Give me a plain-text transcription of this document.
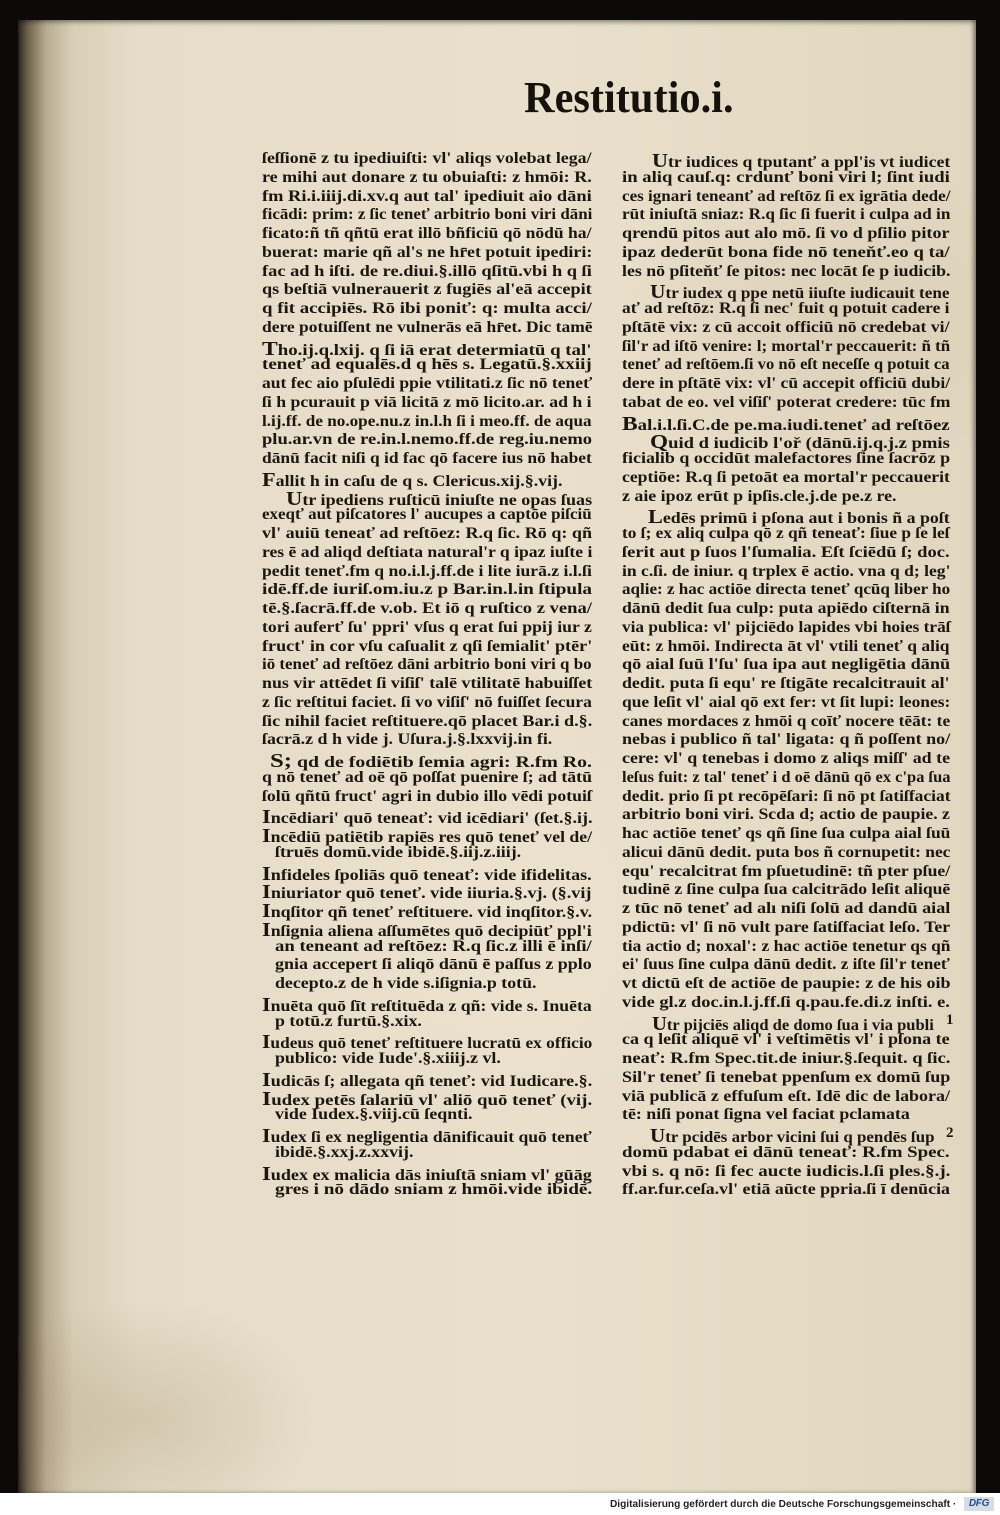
Restitutio.i.
ſeſſionē z tu ipediuiſti: vl' aliqs volebat lega/
re mihi aut donare z tu obuiaſti: z hmōi: R.
fm Ri.i.iiij.di.xv.q aut tal' ipediuit aio dāni
ficādi: prim: z ſic teneť arbitrio boni viri dāni
ficato:ñ tñ qñtū erat illō bñficiū qō nōdū ha/
buerat: marie qñ al's ne hr̄et potuit ipediri:
fac ad h iſti. de re.diui.§.illō qſitū.vbi h q ſi
qs beſtiā vulnerauerit z fugiēs al'eā accepit
q fit accipiēs. Rō ibi poniť: q: multa acci/
dere potuiſſent ne vulnerās eā hr̄et. Dic tamē
Tho.ij.q.lxij. q ſi iā erat determiatū q tal'
teneť ad equalēs.d q hēs s. Legatū.§.xxiij
aut fec aio pſulēdi ppie vtilitati.z ſic nō teneť
ſi h pcurauit p viā licitā z mō licito.ar. ad h i
l.ij.ff. de no.ope.nu.z in.l.h ſi i meo.ff. de aqua
plu.ar.vn de re.in.l.nemo.ff.de reg.iu.nemo
dānū facit niſi q id fac qō facere ius nō habet
Fallit h in caſu de q s. Clericus.xij.§.vij.
Utr ipediens ruſticū iniuſte ne opas ſuas
exeqť aut piſcatores l' aucupes a captōe piſciū
vl' auiū teneať ad reſtōez: R.q ſic. Rō q: qñ
res ē ad aliqd deſtiata natural'r q ipaz iuſte i
pedit teneť.fm q no.i.l.j.ff.de i lite iurā.z i.l.ſi
idē.ff.de iuriſ.om.iu.z p Bar.in.l.in ſtipula
tē.§.ſacrā.ff.de v.ob. Et iō q ruſtico z vena/
tori auferť ſu' ppri' vſus q erat ſui ppij iur z
fruct' in cor vſu caſualit z qſi ſemialit' ptēr'
iō teneť ad reſtōez dāni arbitrio boni viri q bo
nus vir attēdet ſi viſiſ' talē vtilitatē habuiſſet
z ſic reſtitui faciet. ſi vo viſiſ' nō fuiſſet ſecura
ſic nihil faciet reſtituere.qō placet Bar.i d.§.
ſacrā.z d h vide j. Uſura.j.§.lxxvij.in fi.
S; qd de fodiētib ſemia agri: R.fm Ro.
q nō teneť ad oē qō poſſat puenire ſ; ad tātū
ſolū qñtū fruct' agri in dubio illo vēdi potuiſ
Incēdiari' quō teneať: vid icēdiari' (ſet.§.ij.
Incēdiū patiētib rapiēs res quō teneť vel de/
ſtruēs domū.vide ibidē.§.iij.z.iiij.
Infideles ſpoliās quō teneať: vide ifidelitas.
Iniuriator quō teneť. vide iiuria.§.vj. (§.vij
Inqſitor qñ teneť reſtituere. vid inqſitor.§.v.
Inſignia aliena aſſumētes quō decipiūť ppl'i
an teneant ad reſtōez: R.q ſic.z illi ē inſi/
gnia accepert ſi aliqō dānū ē paſſus z pplo
decepto.z de h vide s.iſignia.p totū.
Inuēta quō ſīt reſtituēda z qñ: vide s. Inuēta
p totū.z furtū.§.xix.
Iudeus quō teneť reſtituere lucratū ex officio
publico: vide Iude'.§.xiiij.z vl.
Iudicās ſ; allegata qñ teneť: vid Iudicare.§.
Iudex petēs ſalariū vl' aliō quō teneť (vij.
vide Iudex.§.viij.cū ſeqnti.
Iudex ſi ex negligentia dānificauit quō teneť
ibidē.§.xxj.z.xxvij.
Iudex ex malicia dās iniuſtā sniam vl' gūāg
gres i nō dādo sniam z hmōi.vide ibidē.
Utr iudices q tputanť a ppl'is vt iudicet
in aliq cauſ.q: crdunť boni viri l; ſint iudi
ces ignari teneanť ad reſtōz ſi ex igrātia dede/
rūt iniuſtā sniaz: R.q ſic ſi fuerit i culpa ad in
qrendū pitos aut alo mō. ſi vo d pſilio pitor
ipaz dederūt bona fide nō teneňť.eo q ta/
les nō pſiteňť ſe pitos: nec locāt ſe p iudicib.
Utr iudex q ppe netū iiuſte iudicauit tene
ať ad reſtōz: R.q ſi nec' fuit q potuit cadere i
pſtātē vix: z cū accoit officiū nō credebat vi/
ſil'r ad iſtō venire: l; mortal'r peccauerit: ñ tñ
teneť ad reſtōem.ſi vo nō eſt neceſſe q potuit ca
dere in pſtātē vix: vl' cū accepit officiū dubi/
tabat de eo. vel viſiſ' poterat credere: tūc fm
Bal.i.l.ſi.C.de pe.ma.iudi.teneť ad reſtōez
Quid d iudicib l'oř (dānū.ij.q.j.z pmis
ficialib q occidūt malefactores ſine ſacrōz p
ceptiōe: R.q ſi petoāt ea mortal'r peccauerit
z aie ipoz erūt p ipſis.cle.j.de pe.z re.
Ledēs primū i pſona aut i bonis ñ a poſt
to ſ; ex aliq culpa qō z qñ teneať: ſiue p ſe leſ
ſerit aut p ſuos l'ſumalia. Eſt ſciēdū ſ; doc.
in c.ſi. de iniur. q trplex ē actio. vna q d; leg'
aqlie: z hac actiōe directa teneť qcūq liber ho
dānū dedit ſua culp: puta apiēdo ciſternā in
via publica: vl' pijciēdo lapides vbi hoies trāſ
eūt: z hmōi. Indirecta āt vl' vtili teneť q aliq
qō aial ſuū l'ſu' ſua ipa aut negligētia dānū
dedit. puta ſi equ' re ſtigāte recalcitrauit al'
que leſit vl' aial qō ext fer: vt ſit lupi: leones:
canes mordaces z hmōi q coīť nocere tēāt: te
nebas i publico ñ tal' ligata: q ñ poſſent no/
cere: vl' q tenebas i domo z aliqs miſſ' ad te
leſus fuit: z tal' teneť i d oē dānū qō ex c'pa ſua
dedit. prio ſi pt recōpēſari: ſi nō pt ſatiſfaciat
arbitrio boni viri. Scda d; actio de paupie. z
hac actiōe teneť qs qñ ſine ſua culpa aial ſuū
alicui dānū dedit. puta bos ñ cornupetit: nec
equ' recalcitrat fm pſuetudinē: tñ pter pſue/
tudinē z ſine culpa ſua calcitrādo leſit aliquē
z tūc nō teneť ad alı niſi ſolū ad dandū aial
pdictū: vl' ſi nō vult pare ſatiſfaciat leſo. Ter
tia actio d; noxal': z hac actiōe tenetur qs qñ
ei' ſuus ſine culpa dānū dedit. z iſte ſil'r teneť
vt dictū eſt de actiōe de paupie: z de his oib
vide gl.z doc.in.l.j.ff.ſi q.pau.fe.di.z inſti. e.
Utr pijciēs aliqd de domo ſua i via publi
ca q leſit aliquē vl' i veſtimētis vl' i pſona te
neať: R.fm Spec.tit.de iniur.§.ſequit. q ſic.
Sil'r teneť ſi tenebat ppenſum ex domū ſup
viā publicā z effuſum eſt. Idē dic de labora/
tē: niſi ponat ſigna vel faciat pclamata
Utr pcidēs arbor vicini ſui q pendēs ſup
domū pdabat ei dānū teneať: R.fm Spec.
vbi s. q nō: ſi fec aucte iudicis.l.ſi ples.§.j.
ff.ar.fur.ceſa.vl' etiā aūcte ppria.ſi ī denūcia
1
2
Digitalisierung gefördert durch die Deutsche Forschungsgemeinschaft ·	DFG
